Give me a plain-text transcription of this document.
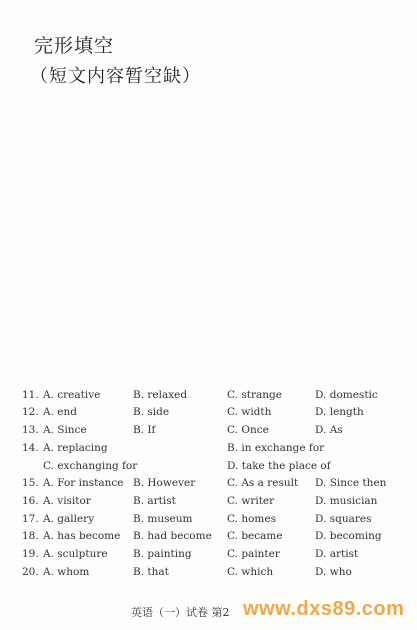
完形填空
（短文内容暂空缺）
11. A. creative	B. relaxed	C. strange	D. domestic
12. A. end	B. side	C. width	D. length
13. A. Since	B. If	C. Once	D. As
14. A. replacing	B. in exchange for
C. exchanging for	D. take the place of
15. A. For instance B. However	C. As a result D. Since then
16. A. visitor	B. artist	C. writer	D. musician
17. A. gallery	B. museum	C. homes	D. squares
18. A. has become B. had become C. became	D. becoming
19. A. sculpture B. painting	C. painter	D. artist
20. A. whom	B. that	C. which	D. who
英语（一）试卷 第2 www.dxs89.com
